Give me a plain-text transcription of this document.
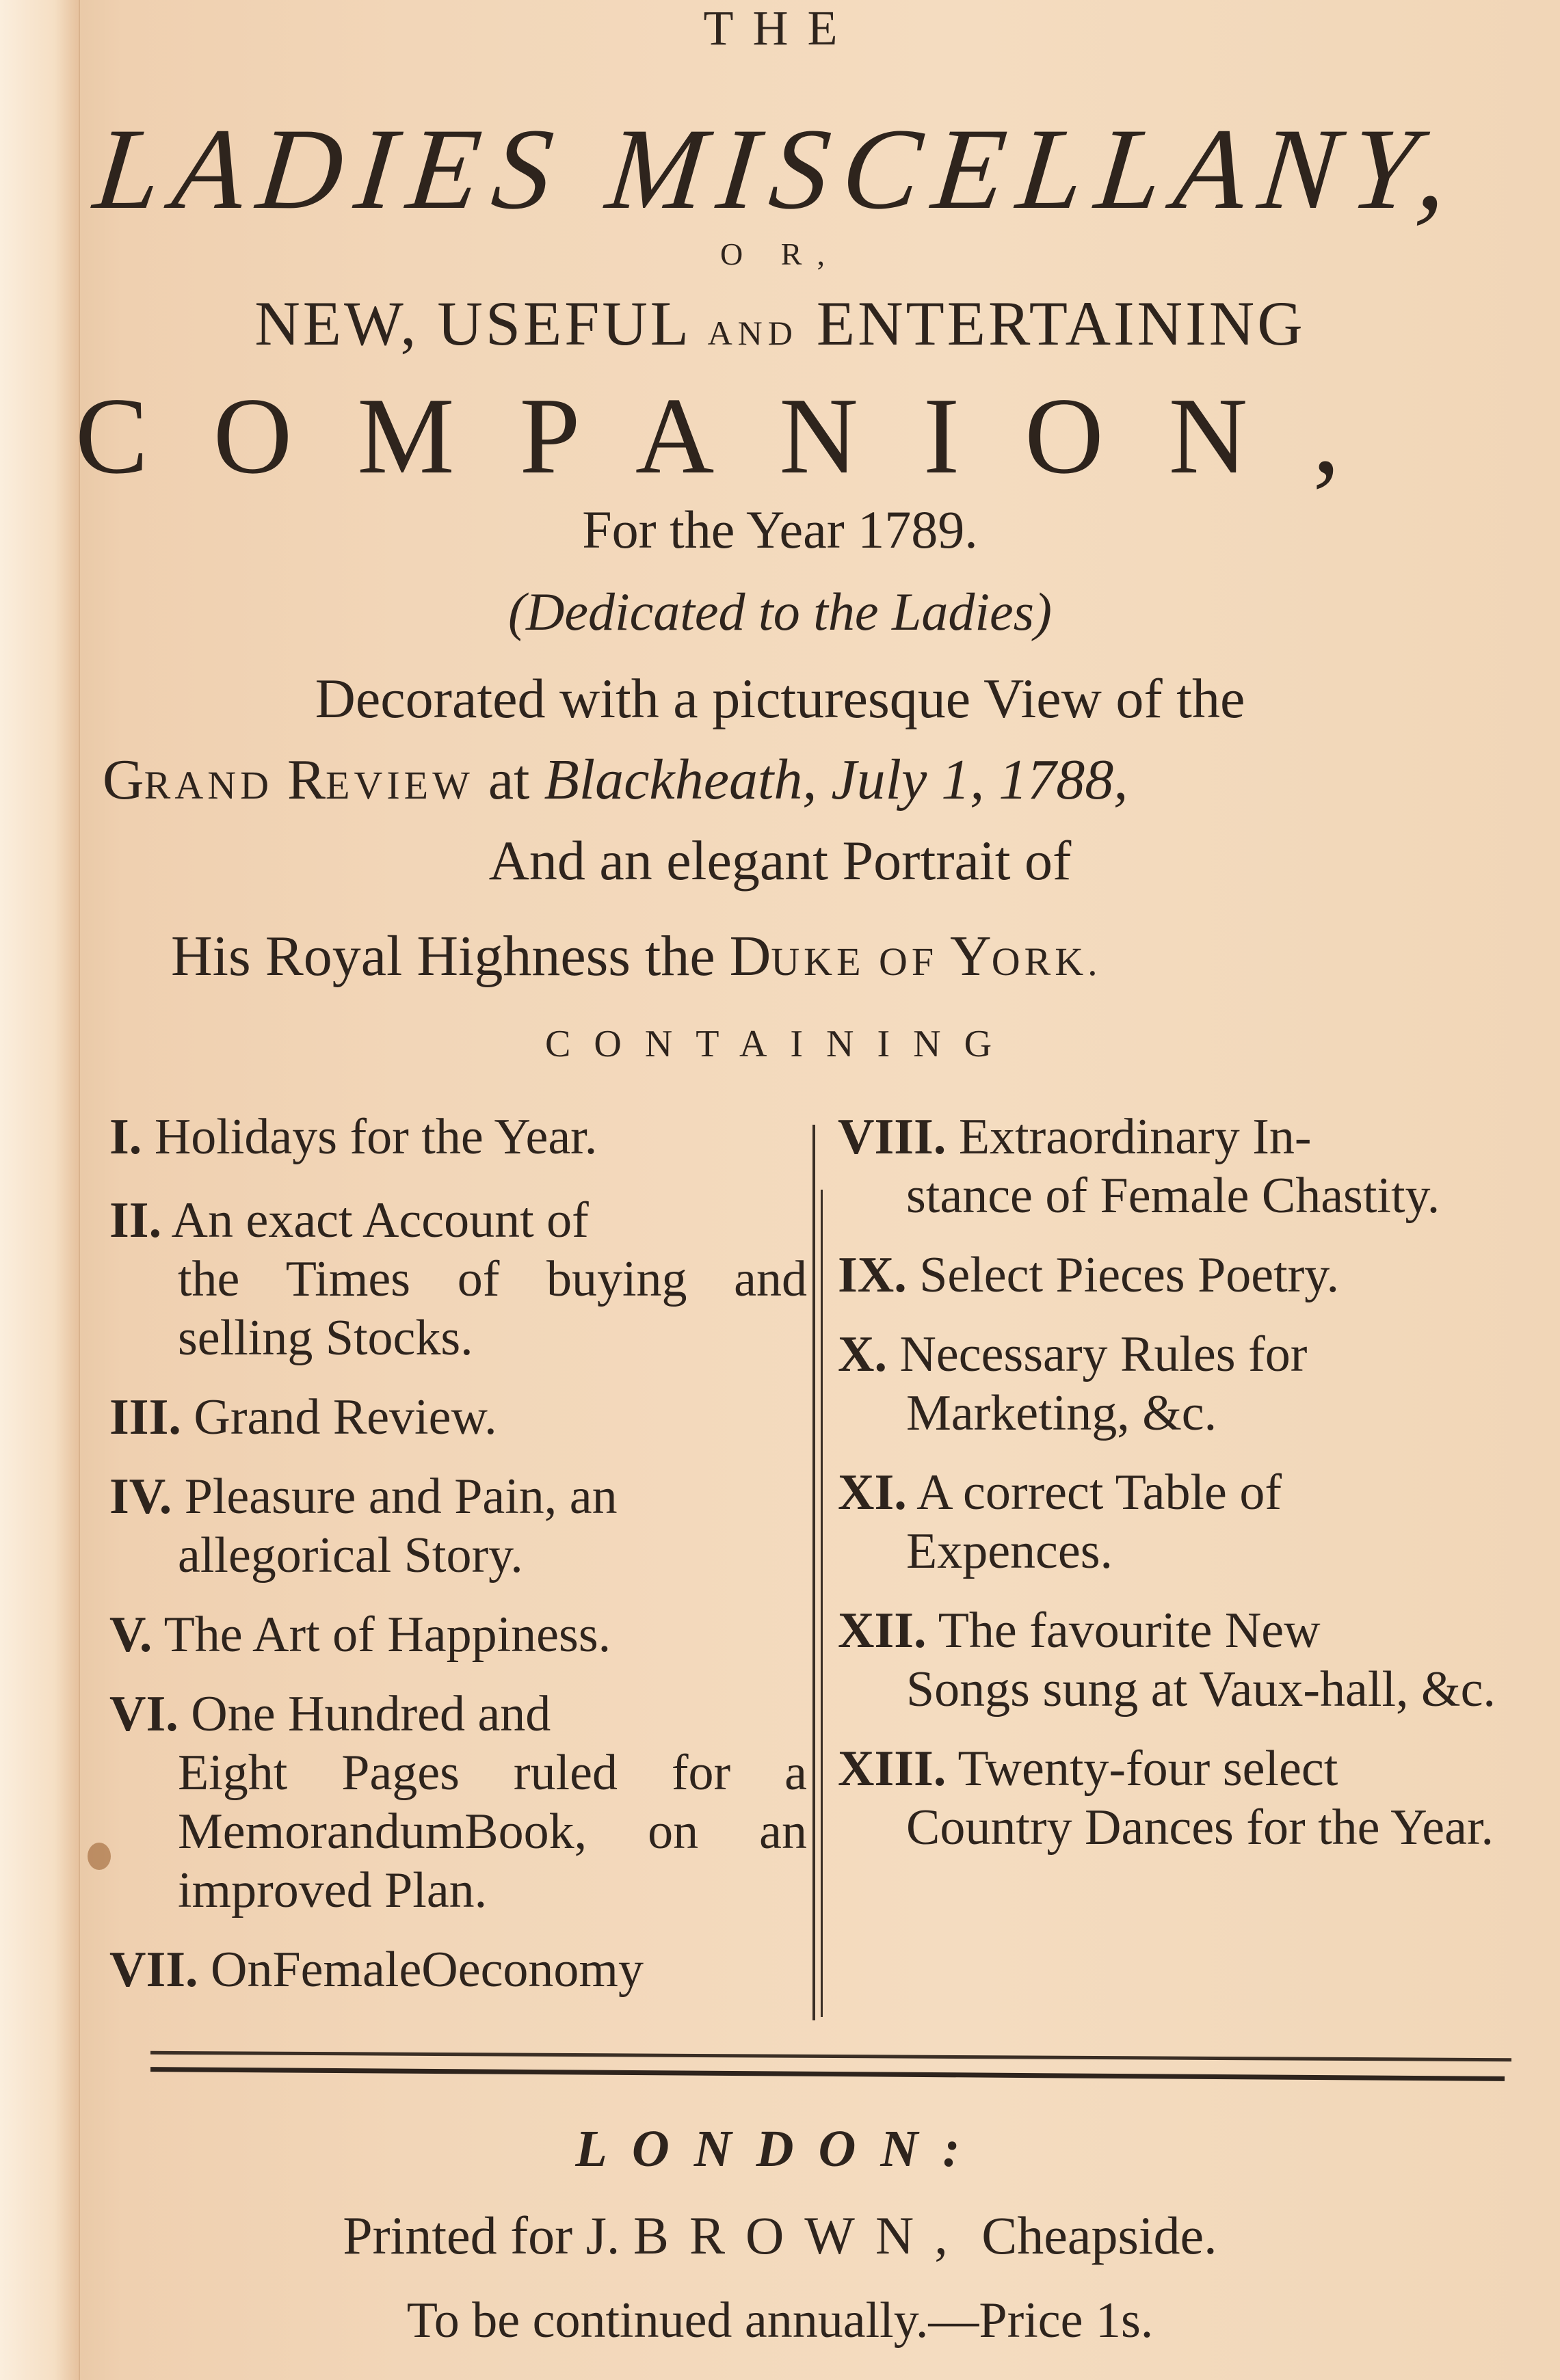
THE
LADIES MISCELLANY,
O R,
NEW, USEFUL AND ENTERTAINING
COMPANION,
For the Year 1789.
(Dedicated to the Ladies)
Decorated with a picturesque View of the
GRAND REVIEW at Blackheath, July 1, 1788,
And an elegant Portrait of
His Royal Highness the DUKE OF YORK.
CONTAINING
I. Holidays for the Year.
II. An exact Account of
the Times of buying and selling Stocks.
III. Grand Review.
IV. Pleasure and Pain, an
allegorical Story.
V. The Art of Happiness.
VI. One Hundred and
Eight Pages ruled for a MemorandumBook, on an improved Plan.
VII. OnFemaleOeconomy
VIII. Extraordinary In-
stance of Female Chastity.
IX. Select Pieces Poetry.
X. Necessary Rules for
Marketing, &c.
XI. A correct Table of
Expences.
XII. The favourite New
Songs sung at Vaux-hall, &c.
XIII. Twenty-four select
Country Dances for the Year.
LONDON:
Printed for J. BROWN, Cheapside.
To be continued annually.—Price 1s.
